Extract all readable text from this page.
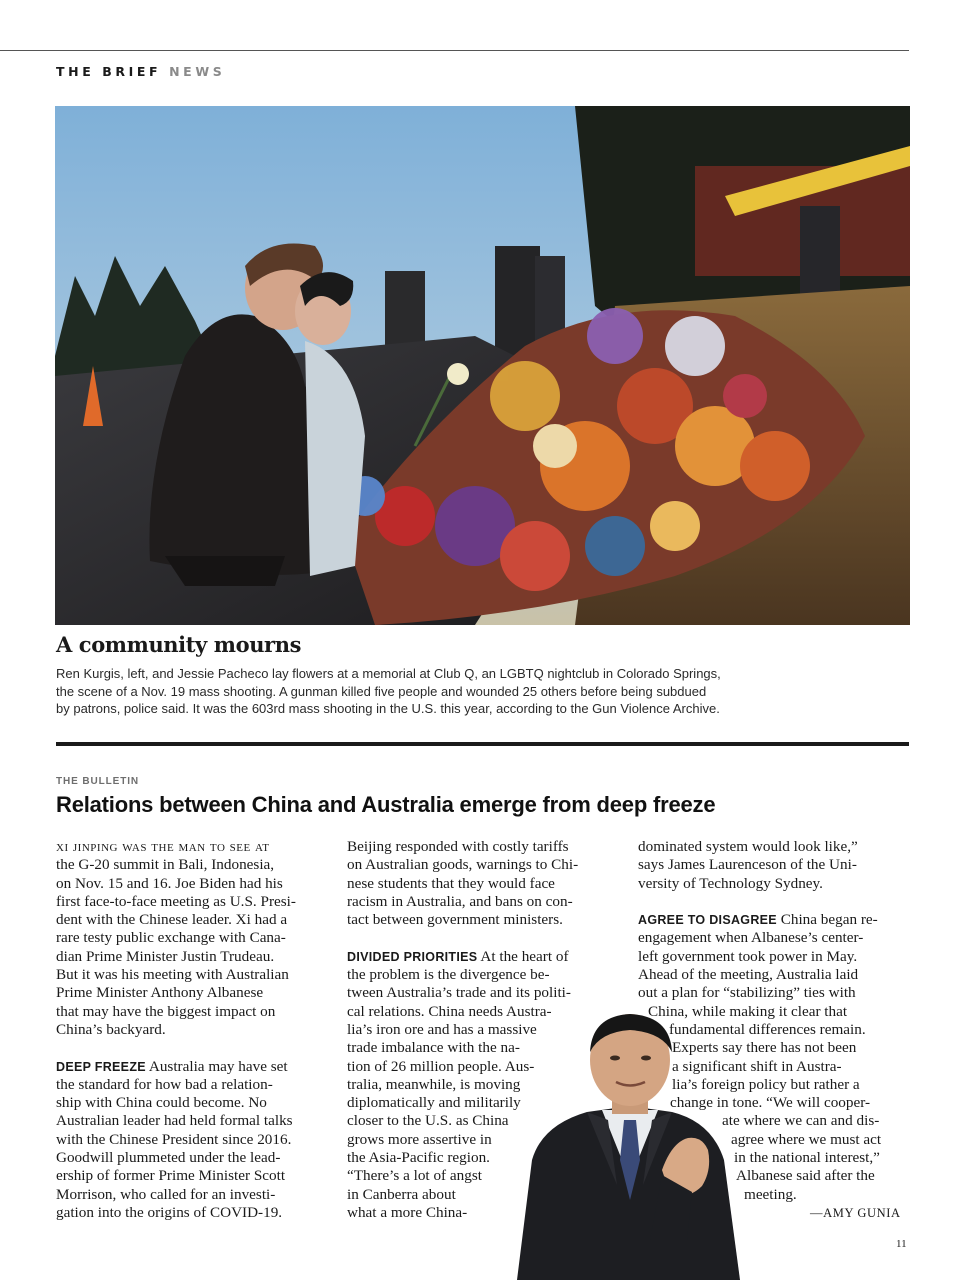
THE BRIEF NEWS
A community mourns
Ren Kurgis, left, and Jessie Pacheco lay flowers at a memorial at Club Q, an LGBTQ nightclub in Colorado Springs,
the scene of a Nov. 19 mass shooting. A gunman killed five people and wounded 25 others before being subdued
by patrons, police said. It was the 603rd mass shooting in the U.S. this year, according to the Gun Violence Archive.
THE BULLETIN
Relations between China and Australia emerge from deep freeze
xi jinping was the man to see at
the G-20 summit in Bali, Indonesia,
on Nov. 15 and 16. Joe Biden had his
first face-to-face meeting as U.S. Presi-
dent with the Chinese leader. Xi had a
rare testy public exchange with Cana-
dian Prime Minister Justin Trudeau.
But it was his meeting with Australian
Prime Minister Anthony Albanese
that may have the biggest impact on
China’s backyard.
DEEP FREEZE Australia may have set
the standard for how bad a relation-
ship with China could become. No
Australian leader had held formal talks
with the Chinese President since 2016.
Goodwill plummeted under the lead-
ership of former Prime Minister Scott
Morrison, who called for an investi-
gation into the origins of COVID-19.
Beijing responded with costly tariffs
on Australian goods, warnings to Chi-
nese students that they would face
racism in Australia, and bans on con-
tact between government ministers.
DIVIDED PRIORITIES At the heart of
the problem is the divergence be-
tween Australia’s trade and its politi-
cal relations. China needs Austra-
lia’s iron ore and has a massive
trade imbalance with the na-
tion of 26 million people. Aus-
tralia, meanwhile, is moving
diplomatically and militarily
closer to the U.S. as China
grows more assertive in
the Asia-Pacific region.
“There’s a lot of angst
in Canberra about
what a more China-
dominated system would look like,”
says James Laurenceson of the Uni-
versity of Technology Sydney.
AGREE TO DISAGREE China began re-
engagement when Albanese’s center-
left government took power in May.
Ahead of the meeting, Australia laid
out a plan for “stabilizing” ties with
China, while making it clear that
fundamental differences remain.
Experts say there has not been
a significant shift in Austra-
lia’s foreign policy but rather a
change in tone. “We will cooper-
ate where we can and dis-
agree where we must act
in the national interest,”
Albanese said after the
meeting.
—AMY GUNIA
11
